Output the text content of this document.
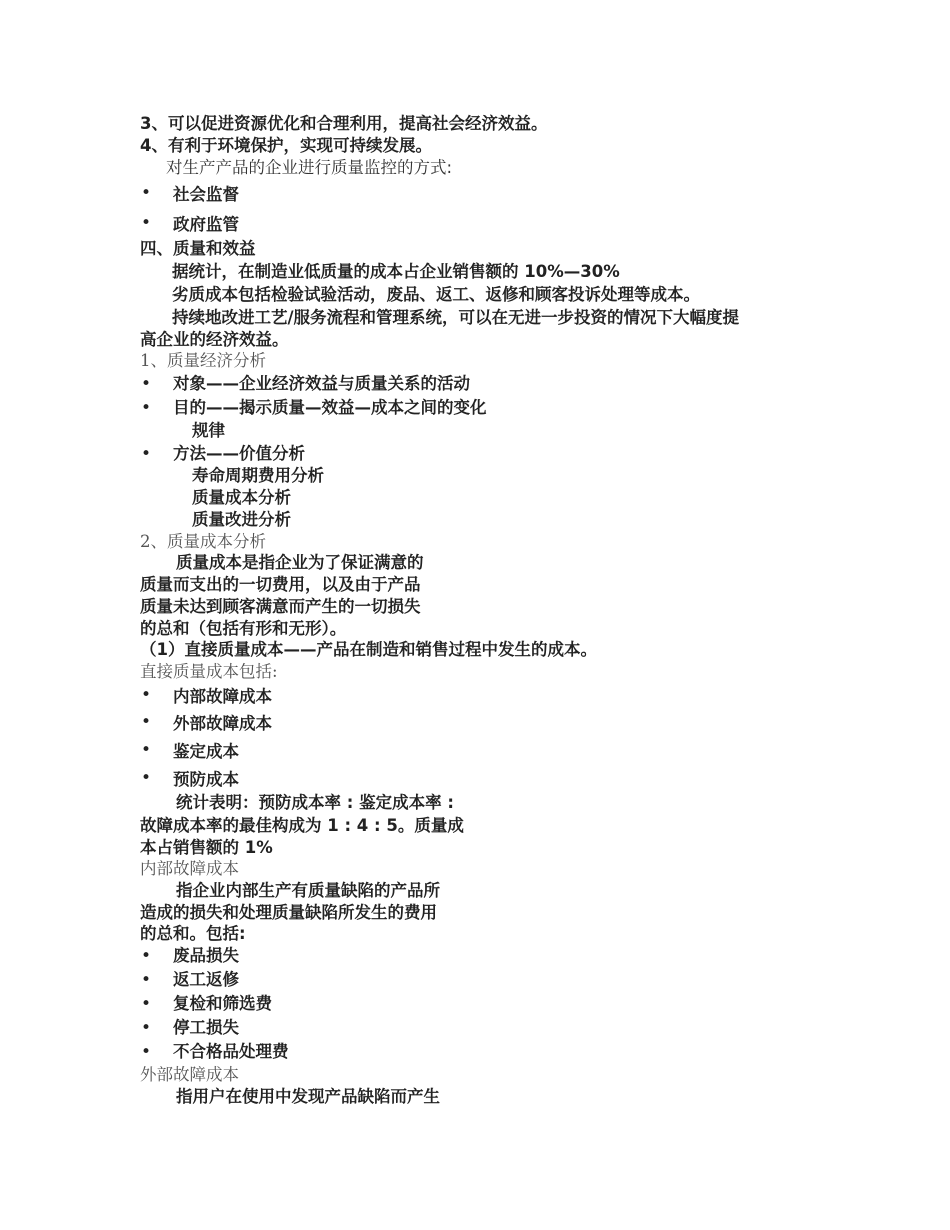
3、可以促进资源优化和合理利用，提高社会经济效益。
4、有利于环境保护，实现可持续发展。
对生产产品的企业进行质量监控的方式:
• 社会监督
• 政府监管
四、质量和效益
据统计，在制造业低质量的成本占企业销售额的 10%—30%
劣质成本包括检验试验活动，废品、返工、返修和顾客投诉处理等成本。
持续地改进工艺/服务流程和管理系统，可以在无进一步投资的情况下大幅度提
高企业的经济效益。
1、质量经济分析
• 对象——企业经济效益与质量关系的活动
• 目的——揭示质量—效益—成本之间的变化
规律
• 方法——价值分析
寿命周期费用分析
质量成本分析
质量改进分析
2、质量成本分析
质量成本是指企业为了保证满意的
质量而支出的一切费用，以及由于产品
质量未达到顾客满意而产生的一切损失
的总和（包括有形和无形）。
（1）直接质量成本——产品在制造和销售过程中发生的成本。
直接质量成本包括:
• 内部故障成本
• 外部故障成本
• 鉴定成本
• 预防成本
统计表明：预防成本率 : 鉴定成本率 :
故障成本率的最佳构成为 1 : 4 : 5。质量成
本占销售额的 1%
内部故障成本
指企业内部生产有质量缺陷的产品所
造成的损失和处理质量缺陷所发生的费用
的总和。包括:
• 废品损失
• 返工返修
• 复检和筛选费
• 停工损失
• 不合格品处理费
外部故障成本
指用户在使用中发现产品缺陷而产生
